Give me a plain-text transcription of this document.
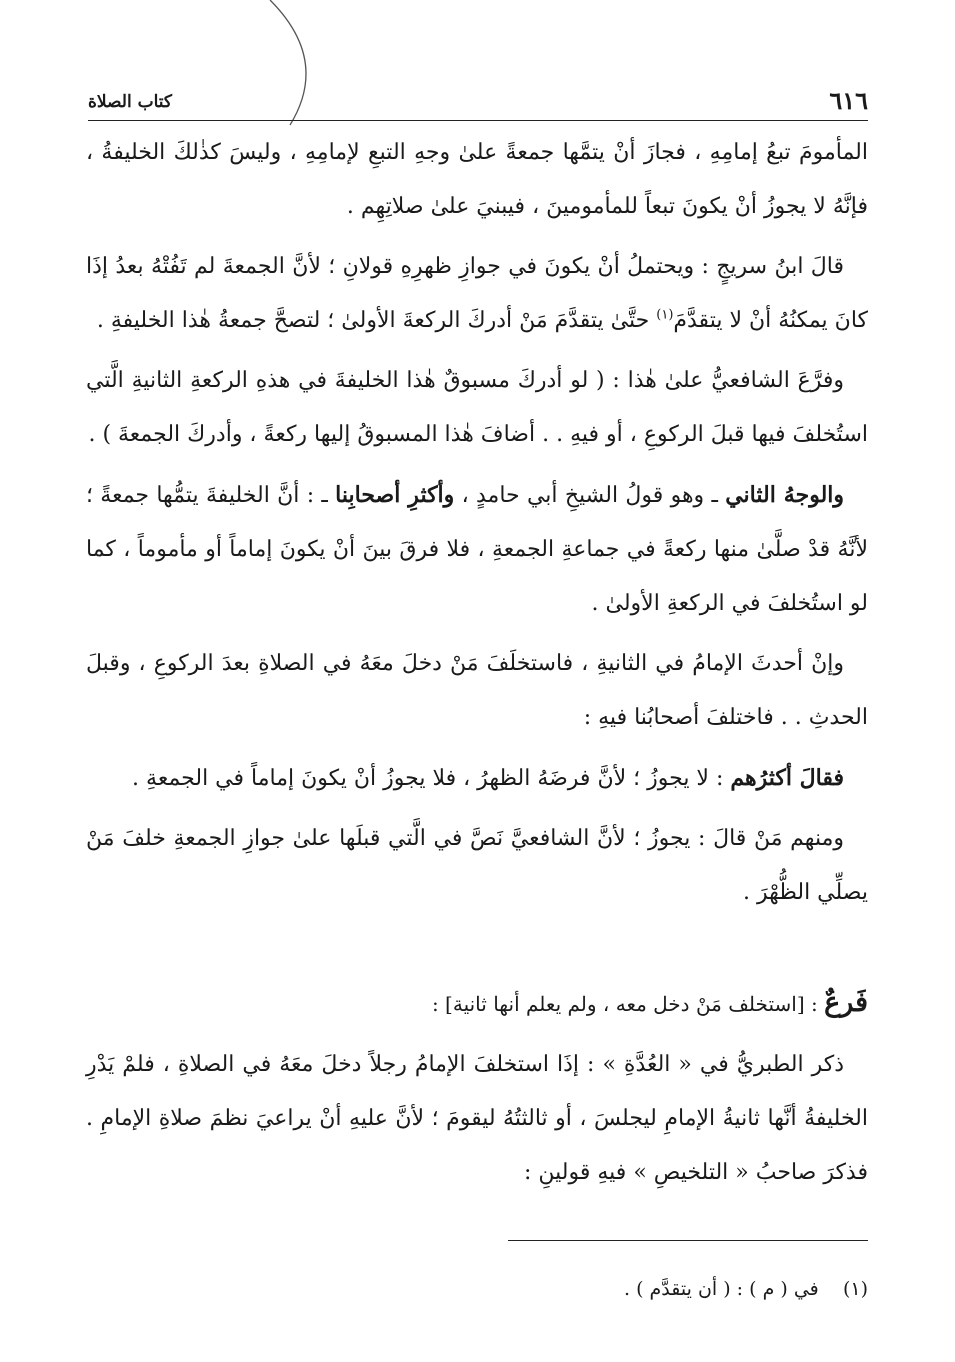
٦١٦
كتاب الصلاة

المأمومَ تبعُ إمامِهِ ، فجازَ أنْ يتمَّها جمعةً علىٰ وجهِ التبعِ لإمامِهِ ، وليسَ كذٰلكَ الخليفةُ ، فإنَّهُ لا يجوزُ أنْ يكونَ تبعاً للمأمومينَ ، فيبنيَ علىٰ صلاتِهِم .

قالَ ابنُ سريجٍ : ويحتملُ أنْ يكونَ في جوازِ ظهرِهِ قولانِ ؛ لأنَّ الجمعةَ لم تَفُتْهُ بعدُ إذَا كانَ يمكنُهُ أنْ لا يتقدَّمَ$^{(١)}$ حتَّىٰ يتقدَّمَ مَنْ أدركَ الركعةَ الأولىٰ ؛ لتصحَّ جمعةُ هٰذا الخليفةِ .

وفرَّعَ الشافعيُّ علىٰ هٰذا : ( لو أدركَ مسبوقٌ هٰذا الخليفةَ في هذهِ الركعةِ الثانيةِ الَّتي استُخلفَ فيها قبلَ الركوعِ ، أو فيهِ . . أضافَ هٰذا المسبوقُ إليها ركعةً ، وأدركَ الجمعةَ ) .

والوجهُ الثاني ـ وهو قولُ الشيخِ أبي حامدٍ ، وأكثرِ أصحابِنا ـ : أنَّ الخليفةَ يتمُّها جمعةً ؛ لأنَّهُ قدْ صلَّىٰ منها ركعةً في جماعةِ الجمعةِ ، فلا فرقَ بينَ أنْ يكونَ إماماً أو مأموماً ، كما لو استُخلفَ في الركعةِ الأولىٰ .

وإنْ أحدثَ الإمامُ في الثانيةِ ، فاستخلَفَ مَنْ دخلَ معَهُ في الصلاةِ بعدَ الركوعِ ، وقبلَ الحدثِ . . فاختلفَ أصحابُنا فيهِ :

فقالَ أكثرُهم : لا يجوزُ ؛ لأنَّ فرضَهُ الظهرُ ، فلا يجوزُ أنْ يكونَ إماماً في الجمعةِ .

ومنهم مَنْ قالَ : يجوزُ ؛ لأنَّ الشافعيَّ نَصَّ في الَّتي قبلَها علىٰ جوازِ الجمعةِ خلفَ مَنْ يصلِّي الظُّهْرَ .

فَرعٌ : [استخلف مَنْ دخل معه ، ولم يعلم أنها ثانية] :

ذكر الطبريُّ في « العُدَّةِ » : إذَا استخلفَ الإمامُ رجلاً دخلَ معَهُ في الصلاةِ ، فلمْ يَدْرِ الخليفةُ أنَّها ثانيةُ الإمامِ ليجلسَ ، أو ثالثتُهُ ليقومَ ؛ لأنَّ عليهِ أنْ يراعيَ نظمَ صلاةِ الإمامِ . فذكرَ صاحبُ « التلخيصِ » فيهِ قولينِ :

(١)    في ( م ) : ( أن يتقدَّم ) .
